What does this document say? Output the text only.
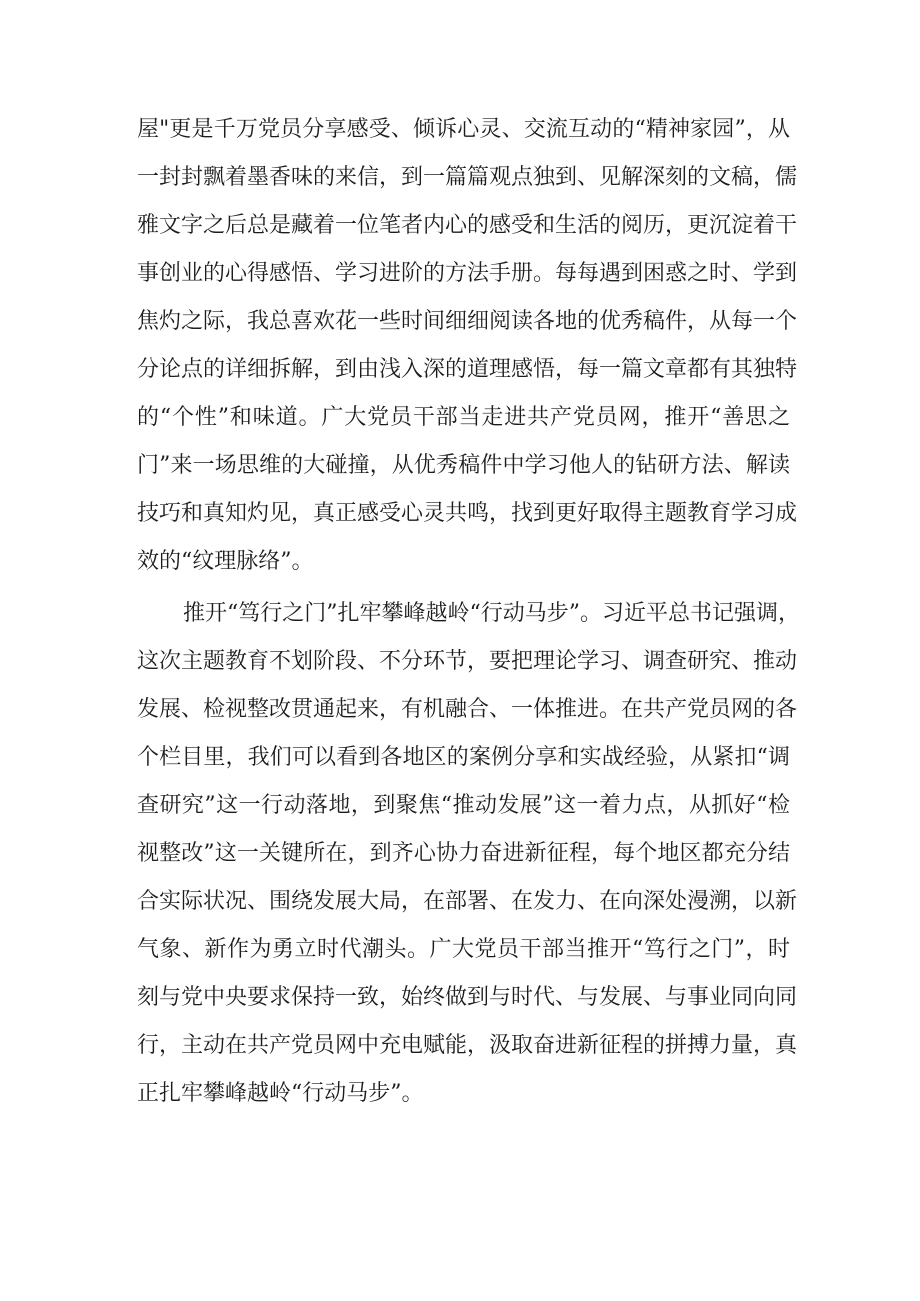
屋"更是千万党员分享感受、倾诉心灵、交流互动的“精神家园”，从
一封封飘着墨香味的来信，到一篇篇观点独到、见解深刻的文稿，儒
雅文字之后总是藏着一位笔者内心的感受和生活的阅历，更沉淀着干
事创业的心得感悟、学习进阶的方法手册。每每遇到困惑之时、学到
焦灼之际，我总喜欢花一些时间细细阅读各地的优秀稿件，从每一个
分论点的详细拆解，到由浅入深的道理感悟，每一篇文章都有其独特
的“个性”和味道。广大党员干部当走进共产党员网，推开“善思之
门”来一场思维的大碰撞，从优秀稿件中学习他人的钻研方法、解读
技巧和真知灼见，真正感受心灵共鸣，找到更好取得主题教育学习成
效的“纹理脉络”。
推开“笃行之门”扎牢攀峰越岭“行动马步”。习近平总书记强调，
这次主题教育不划阶段、不分环节，要把理论学习、调查研究、推动
发展、检视整改贯通起来，有机融合、一体推进。在共产党员网的各
个栏目里，我们可以看到各地区的案例分享和实战经验，从紧扣“调
查研究”这一行动落地，到聚焦“推动发展”这一着力点，从抓好“检
视整改”这一关键所在，到齐心协力奋进新征程，每个地区都充分结
合实际状况、围绕发展大局，在部署、在发力、在向深处漫溯，以新
气象、新作为勇立时代潮头。广大党员干部当推开“笃行之门”，时
刻与党中央要求保持一致，始终做到与时代、与发展、与事业同向同
行，主动在共产党员网中充电赋能，汲取奋进新征程的拼搏力量，真
正扎牢攀峰越岭“行动马步”。
